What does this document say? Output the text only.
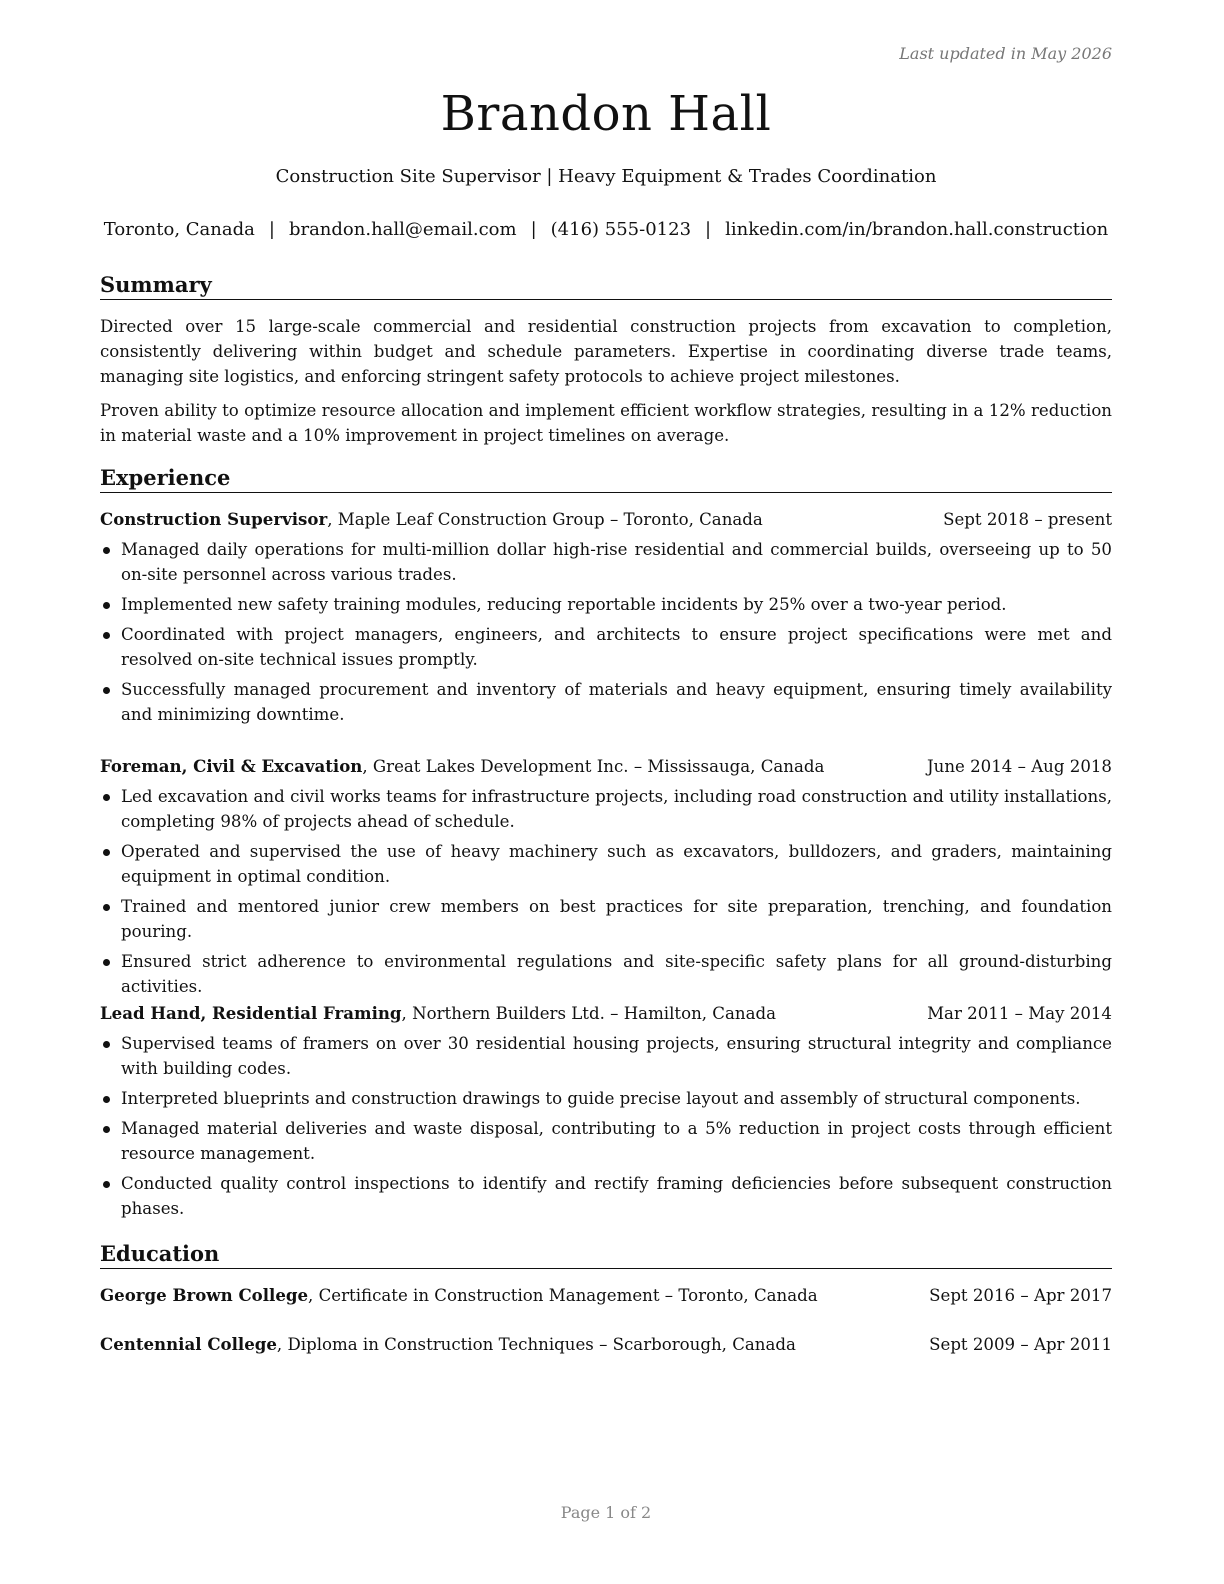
Last updated in May 2026
Brandon Hall
Construction Site Supervisor | Heavy Equipment & Trades Coordination
Toronto, Canada | brandon.hall@email.com | (416) 555-0123 | linkedin.com/in/brandon.hall.construction
Summary
Directed over 15 large-scale commercial and residential construction projects from excavation to completion, consistently delivering within budget and schedule parameters. Expertise in coordinating diverse trade teams, managing site logistics, and enforcing stringent safety protocols to achieve project milestones.
Proven ability to optimize resource allocation and implement efficient workflow strategies, resulting in a 12% reduction in material waste and a 10% improvement in project timelines on average.
Experience
Construction Supervisor, Maple Leaf Construction Group – Toronto, Canada	Sept 2018 – present
Managed daily operations for multi-million dollar high-rise residential and commercial builds, overseeing up to 50 on-site personnel across various trades.
Implemented new safety training modules, reducing reportable incidents by 25% over a two-year period.
Coordinated with project managers, engineers, and architects to ensure project specifications were met and resolved on-site technical issues promptly.
Successfully managed procurement and inventory of materials and heavy equipment, ensuring timely availability and minimizing downtime.
Foreman, Civil & Excavation, Great Lakes Development Inc. – Mississauga, Canada	June 2014 – Aug 2018
Led excavation and civil works teams for infrastructure projects, including road construction and utility installations, completing 98% of projects ahead of schedule.
Operated and supervised the use of heavy machinery such as excavators, bulldozers, and graders, maintaining equipment in optimal condition.
Trained and mentored junior crew members on best practices for site preparation, trenching, and foundation pouring.
Ensured strict adherence to environmental regulations and site-specific safety plans for all ground-disturbing activities.
Lead Hand, Residential Framing, Northern Builders Ltd. – Hamilton, Canada	Mar 2011 – May 2014
Supervised teams of framers on over 30 residential housing projects, ensuring structural integrity and compliance with building codes.
Interpreted blueprints and construction drawings to guide precise layout and assembly of structural components.
Managed material deliveries and waste disposal, contributing to a 5% reduction in project costs through efficient resource management.
Conducted quality control inspections to identify and rectify framing deficiencies before subsequent construction phases.
Education
George Brown College, Certificate in Construction Management – Toronto, Canada	Sept 2016 – Apr 2017
Centennial College, Diploma in Construction Techniques – Scarborough, Canada	Sept 2009 – Apr 2011
Page 1 of 2
